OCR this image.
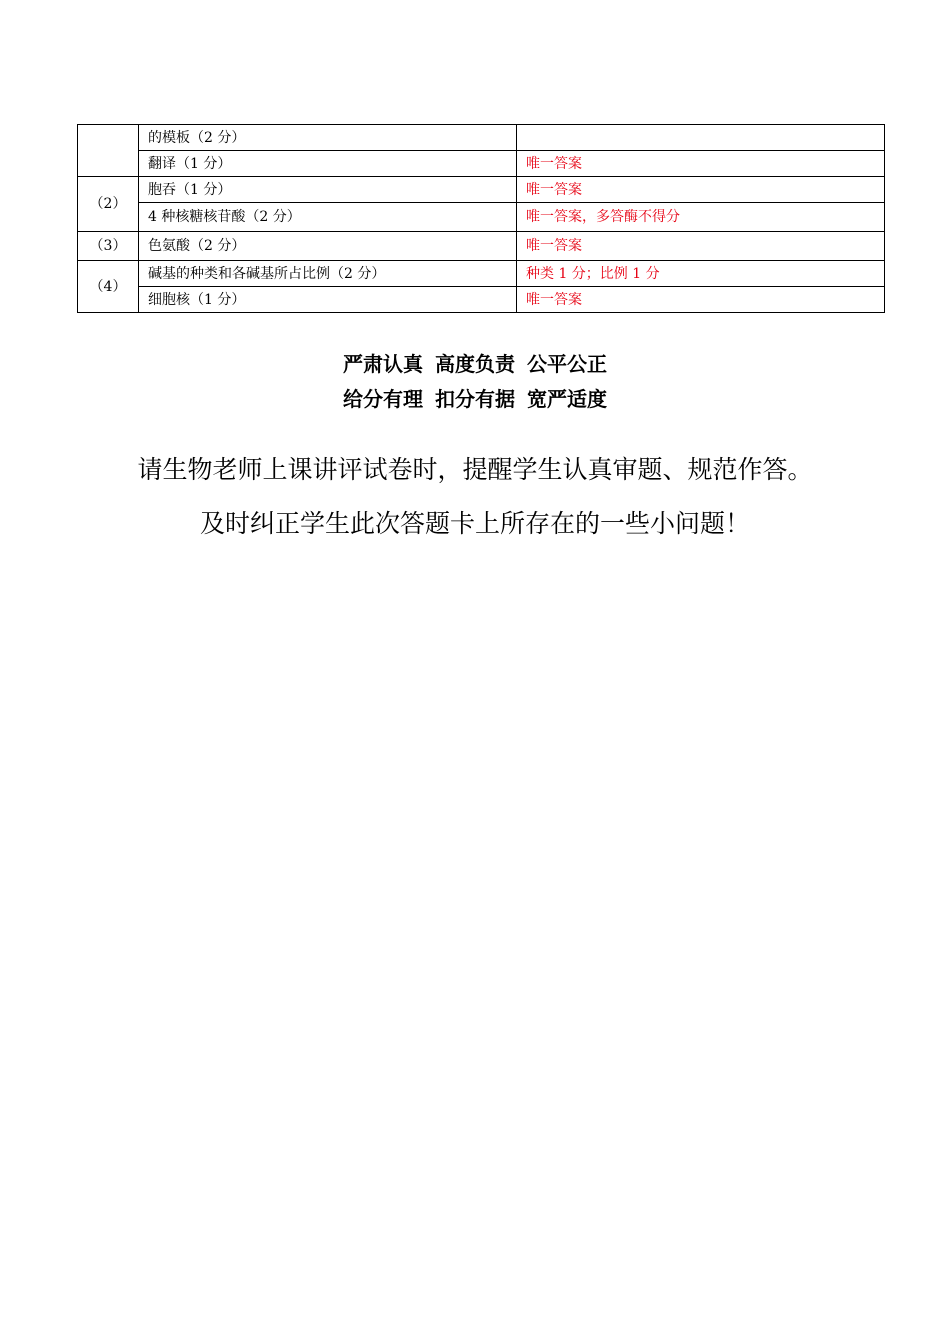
	的模板（2 分）	
	翻译（1 分）	唯一答案
（2）	胞吞（1 分）	唯一答案
	4 种核糖核苷酸（2 分）	唯一答案，多答酶不得分
（3）	色氨酸（2 分）	唯一答案
（4）	碱基的种类和各碱基所占比例（2 分）	种类 1 分；比例 1 分
	细胞核（1 分）	唯一答案
严肃认真 高度负责 公平公正
给分有理 扣分有据 宽严适度
请生物老师上课讲评试卷时，提醒学生认真审题、规范作答。
及时纠正学生此次答题卡上所存在的一些小问题！
